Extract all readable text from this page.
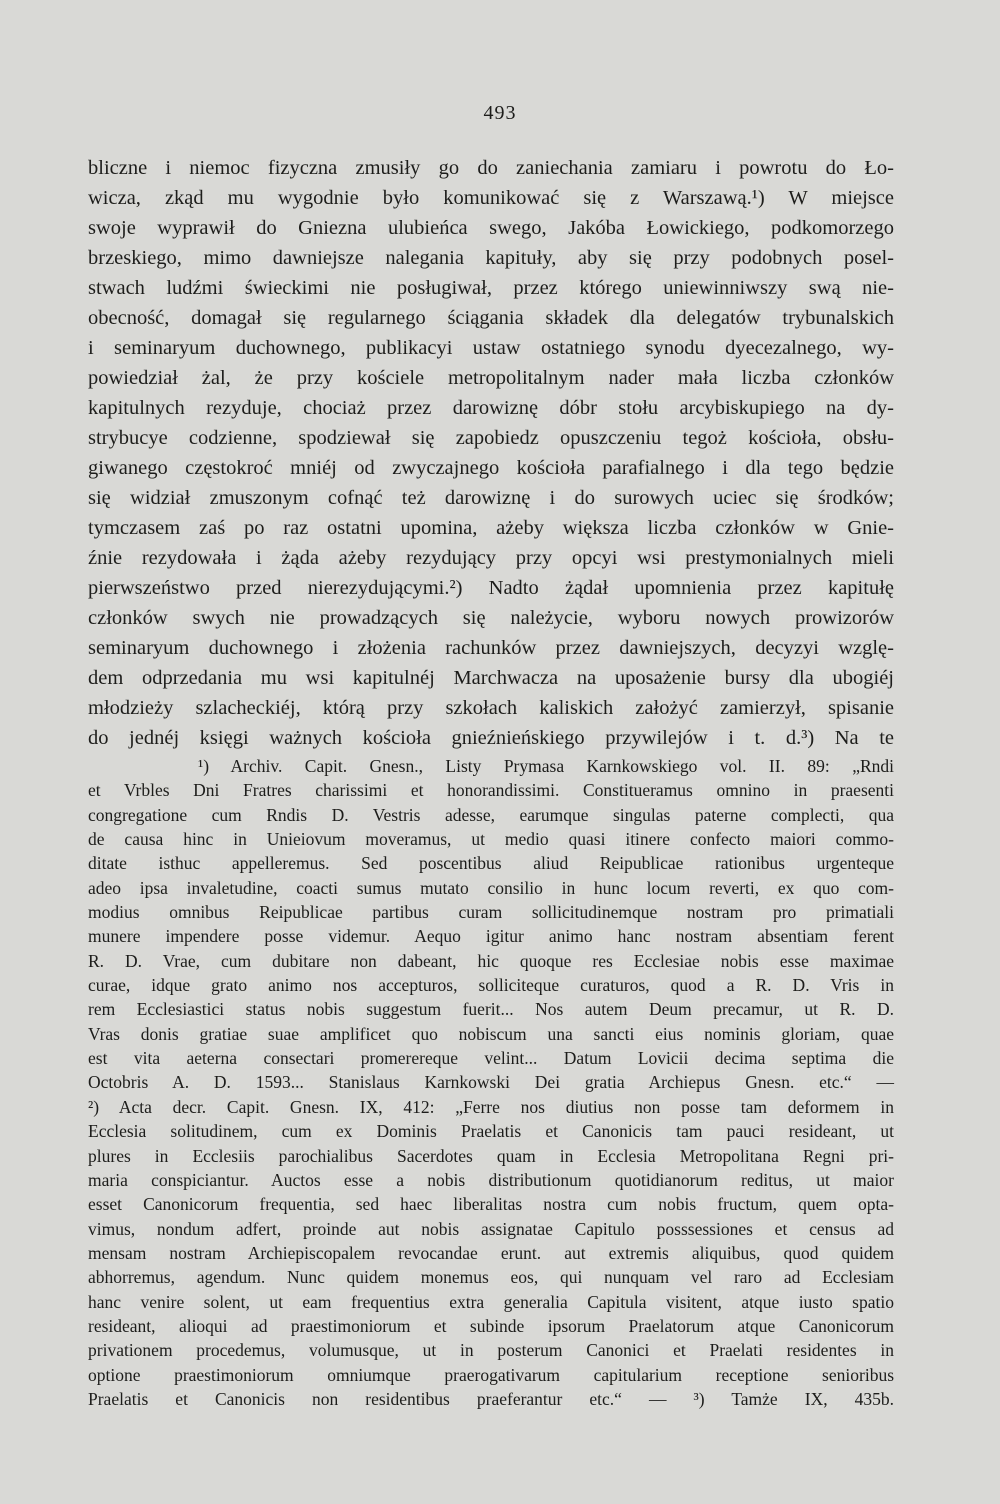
493
bliczne i niemoc fizyczna zmusiły go do zaniechania zamiaru i powrotu do Ło-
wicza, zkąd mu wygodnie było komunikować się z Warszawą.¹) W miejsce
swoje wyprawił do Gniezna ulubieńca swego, Jakóba Łowickiego, podkomorzego
brzeskiego, mimo dawniejsze nalegania kapituły, aby się przy podobnych posel-
stwach ludźmi świeckimi nie posługiwał, przez którego uniewinniwszy swą nie-
obecność, domagał się regularnego ściągania składek dla delegatów trybunalskich
i seminaryum duchownego, publikacyi ustaw ostatniego synodu dyecezalnego, wy-
powiedział żal, że przy kościele metropolitalnym nader mała liczba członków
kapitulnych rezyduje, chociaż przez darowiznę dóbr stołu arcybiskupiego na dy-
strybucye codzienne, spodziewał się zapobiedz opuszczeniu tegoż kościoła, obsłu-
giwanego częstokroć mniéj od zwyczajnego kościoła parafialnego i dla tego będzie
się widział zmuszonym cofnąć też darowiznę i do surowych uciec się środków;
tymczasem zaś po raz ostatni upomina, ażeby większa liczba członków w Gnie-
źnie rezydowała i żąda ażeby rezydujący przy opcyi wsi prestymonialnych mieli
pierwszeństwo przed nierezydującymi.²) Nadto żądał upomnienia przez kapitułę
członków swych nie prowadzących się należycie, wyboru nowych prowizorów
seminaryum duchownego i złożenia rachunków przez dawniejszych, decyzyi wzglę-
dem odprzedania mu wsi kapitulnéj Marchwacza na uposażenie bursy dla ubogiéj
młodzieży szlacheckiéj, którą przy szkołach kaliskich założyć zamierzył, spisanie
do jednéj księgi ważnych kościoła gnieźnieńskiego przywilejów i t. d.³) Na te
¹) Archiv. Capit. Gnesn., Listy Prymasa Karnkowskiego vol. II. 89: „Rndi
et Vrbles Dni Fratres charissimi et honorandissimi. Constitueramus omnino in praesenti
congregatione cum Rndis D. Vestris adesse, earumque singulas paterne complecti, qua
de causa hinc in Unieiovum moveramus, ut medio quasi itinere confecto maiori commo-
ditate isthuc appelleremus. Sed poscentibus aliud Reipublicae rationibus urgenteque
adeo ipsa invaletudine, coacti sumus mutato consilio in hunc locum reverti, ex quo com-
modius omnibus Reipublicae partibus curam sollicitudinemque nostram pro primatiali
munere impendere posse videmur. Aequo igitur animo hanc nostram absentiam ferent
R. D. Vrae, cum dubitare non dabeant, hic quoque res Ecclesiae nobis esse maximae
curae, idque grato animo nos accepturos, solliciteque curaturos, quod a R. D. Vris in
rem Ecclesiastici status nobis suggestum fuerit... Nos autem Deum precamur, ut R. D.
Vras donis gratiae suae amplificet quo nobiscum una sancti eius nominis gloriam, quae
est vita aeterna consectari promerereque velint... Datum Lovicii decima septima die
Octobris A. D. 1593... Stanislaus Karnkowski Dei gratia Archiepus Gnesn. etc.“ —
²) Acta decr. Capit. Gnesn. IX, 412: „Ferre nos diutius non posse tam deformem in
Ecclesia solitudinem, cum ex Dominis Praelatis et Canonicis tam pauci resideant, ut
plures in Ecclesiis parochialibus Sacerdotes quam in Ecclesia Metropolitana Regni pri-
maria conspiciantur. Auctos esse a nobis distributionum quotidianorum reditus, ut maior
esset Canonicorum frequentia, sed haec liberalitas nostra cum nobis fructum, quem opta-
vimus, nondum adfert, proinde aut nobis assignatae Capitulo posssessiones et census ad
mensam nostram Archiepiscopalem revocandae erunt. aut extremis aliquibus, quod quidem
abhorremus, agendum. Nunc quidem monemus eos, qui nunquam vel raro ad Ecclesiam
hanc venire solent, ut eam frequentius extra generalia Capitula visitent, atque iusto spatio
resideant, alioqui ad praestimoniorum et subinde ipsorum Praelatorum atque Canonicorum
privationem procedemus, volumusque, ut in posterum Canonici et Praelati residentes in
optione praestimoniorum omniumque praerogativarum capitularium receptione senioribus
Praelatis et Canonicis non residentibus praeferantur etc.“ — ³) Tamże IX, 435b.
